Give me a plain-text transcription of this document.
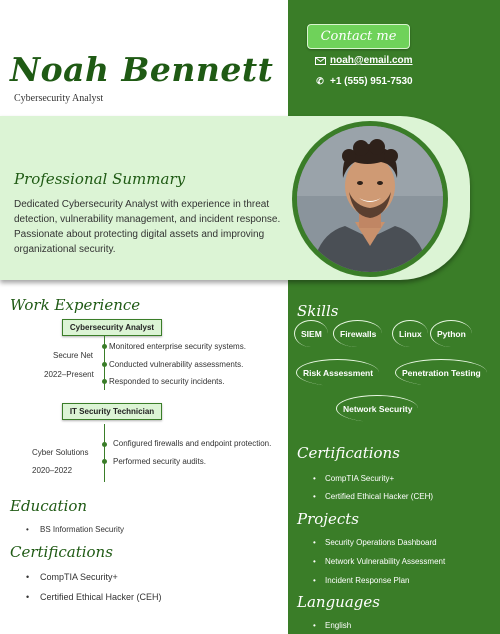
Noah Bennett
Cybersecurity Analyst
Contact me
noah@email.com
✆ +1 (555) 951-7530
Professional Summary
Dedicated Cybersecurity Analyst with experience in threat detection, vulnerability management, and incident response. Passionate about protecting digital assets and improving organizational security.
Work Experience
Cybersecurity Analyst
Secure Net
2022–Present
Monitored enterprise security systems.
Conducted vulnerability assessments.
Responded to security incidents.
IT Security Technician
Cyber Solutions
2020–2022
Configured firewalls and endpoint protection.
Performed security audits.
Education
• BS Information Security
Certifications
• CompTIA Security+
• Certified Ethical Hacker (CEH)
Skills
SIEM	Firewalls	Linux	Python
Risk Assessment	Penetration Testing
Network Security
Certifications
• CompTIA Security+
• Certified Ethical Hacker (CEH)
Projects
• Security Operations Dashboard
• Network Vulnerability Assessment
• Incident Response Plan
Languages
• English
